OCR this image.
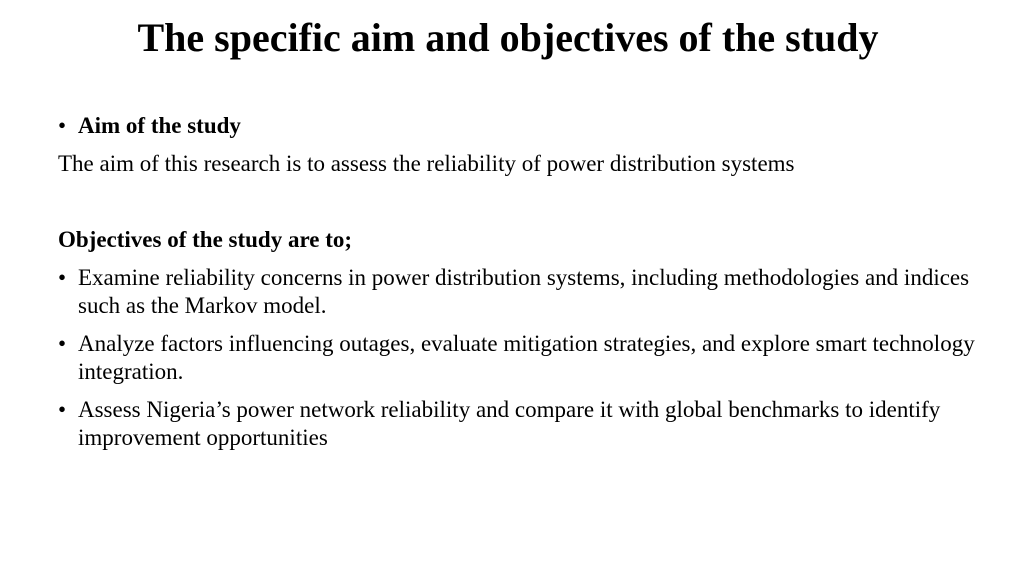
The specific aim and objectives of the study
• Aim of the study
The aim of this research is to assess the reliability of power distribution systems
Objectives of the study are to;
• Examine reliability concerns in power distribution systems, including methodologies and indices such as the Markov model.
• Analyze factors influencing outages, evaluate mitigation strategies, and explore smart technology integration.
• Assess Nigeria’s power network reliability and compare it with global benchmarks to identify improvement opportunities
